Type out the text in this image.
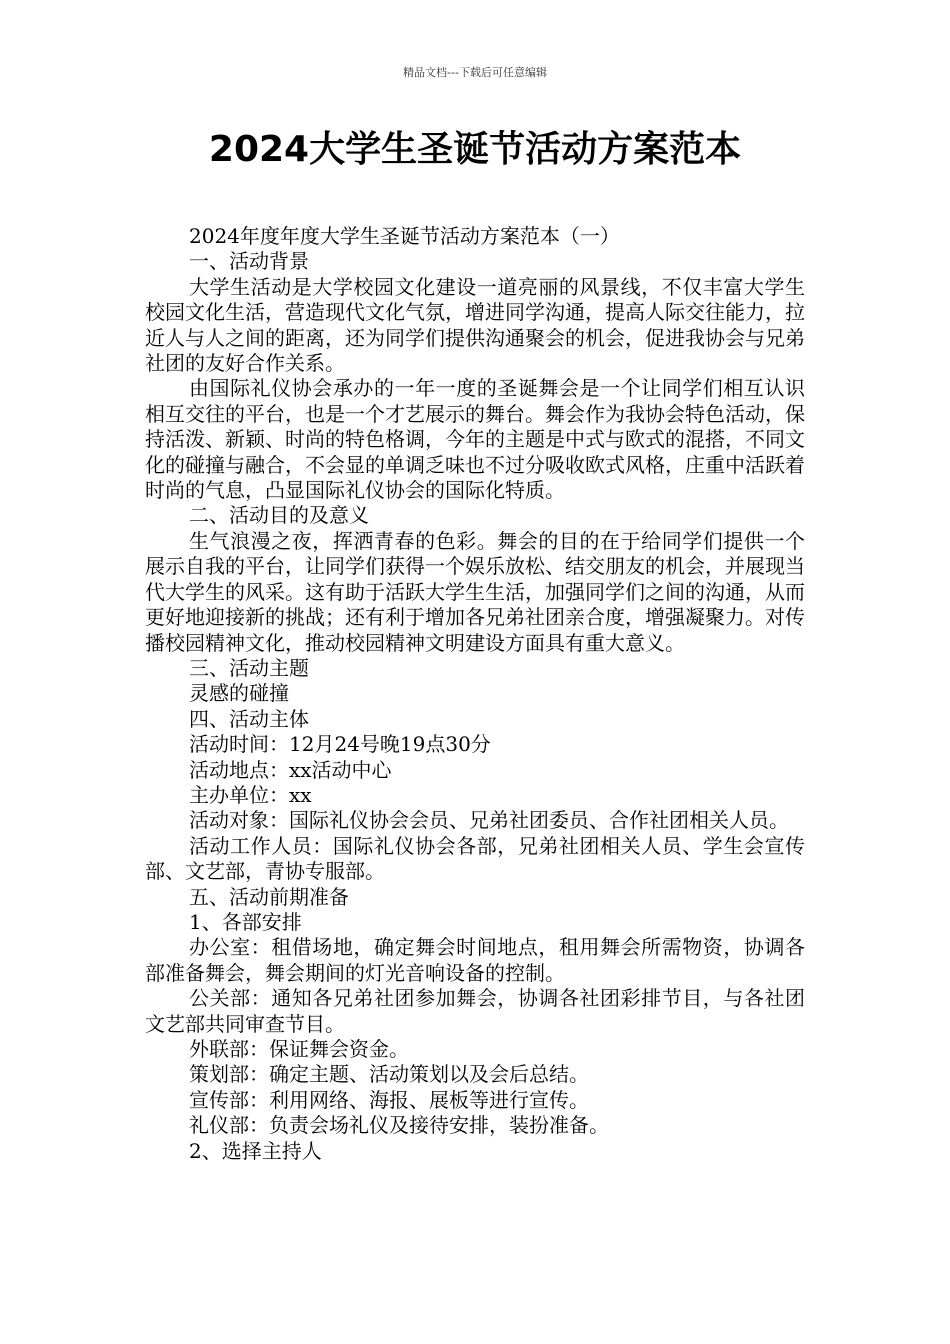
精品文档---下载后可任意编辑
2024大学生圣诞节活动方案范本

2024年度年度大学生圣诞节活动方案范本（一）

一、活动背景

大学生活动是大学校园文化建设一道亮丽的风景线，不仅丰富大学生校园文化生活，营造现代文化气氛，增进同学沟通，提高人际交往能力，拉近人与人之间的距离，还为同学们提供沟通聚会的机会，促进我协会与兄弟社团的友好合作关系。

由国际礼仪协会承办的一年一度的圣诞舞会是一个让同学们相互认识相互交往的平台，也是一个才艺展示的舞台。舞会作为我协会特色活动，保持活泼、新颖、时尚的特色格调，今年的主题是中式与欧式的混搭，不同文化的碰撞与融合，不会显的单调乏味也不过分吸收欧式风格，庄重中活跃着时尚的气息，凸显国际礼仪协会的国际化特质。

二、活动目的及意义

生气浪漫之夜，挥洒青春的色彩。舞会的目的在于给同学们提供一个展示自我的平台，让同学们获得一个娱乐放松、结交朋友的机会，并展现当代大学生的风采。这有助于活跃大学生生活，加强同学们之间的沟通，从而更好地迎接新的挑战；还有利于增加各兄弟社团亲合度，增强凝聚力。对传播校园精神文化，推动校园精神文明建设方面具有重大意义。

三、活动主题

灵感的碰撞

四、活动主体

活动时间：12月24号晚19点30分

活动地点：xx活动中心

主办单位：xx

活动对象：国际礼仪协会会员、兄弟社团委员、合作社团相关人员。

活动工作人员：国际礼仪协会各部，兄弟社团相关人员、学生会宣传部、文艺部，青协专服部。

五、活动前期准备

1、各部安排

办公室：租借场地，确定舞会时间地点，租用舞会所需物资，协调各部准备舞会，舞会期间的灯光音响设备的控制。

公关部：通知各兄弟社团参加舞会，协调各社团彩排节目，与各社团文艺部共同审查节目。

外联部：保证舞会资金。

策划部：确定主题、活动策划以及会后总结。

宣传部：利用网络、海报、展板等进行宣传。

礼仪部：负责会场礼仪及接待安排，装扮准备。

2、选择主持人
